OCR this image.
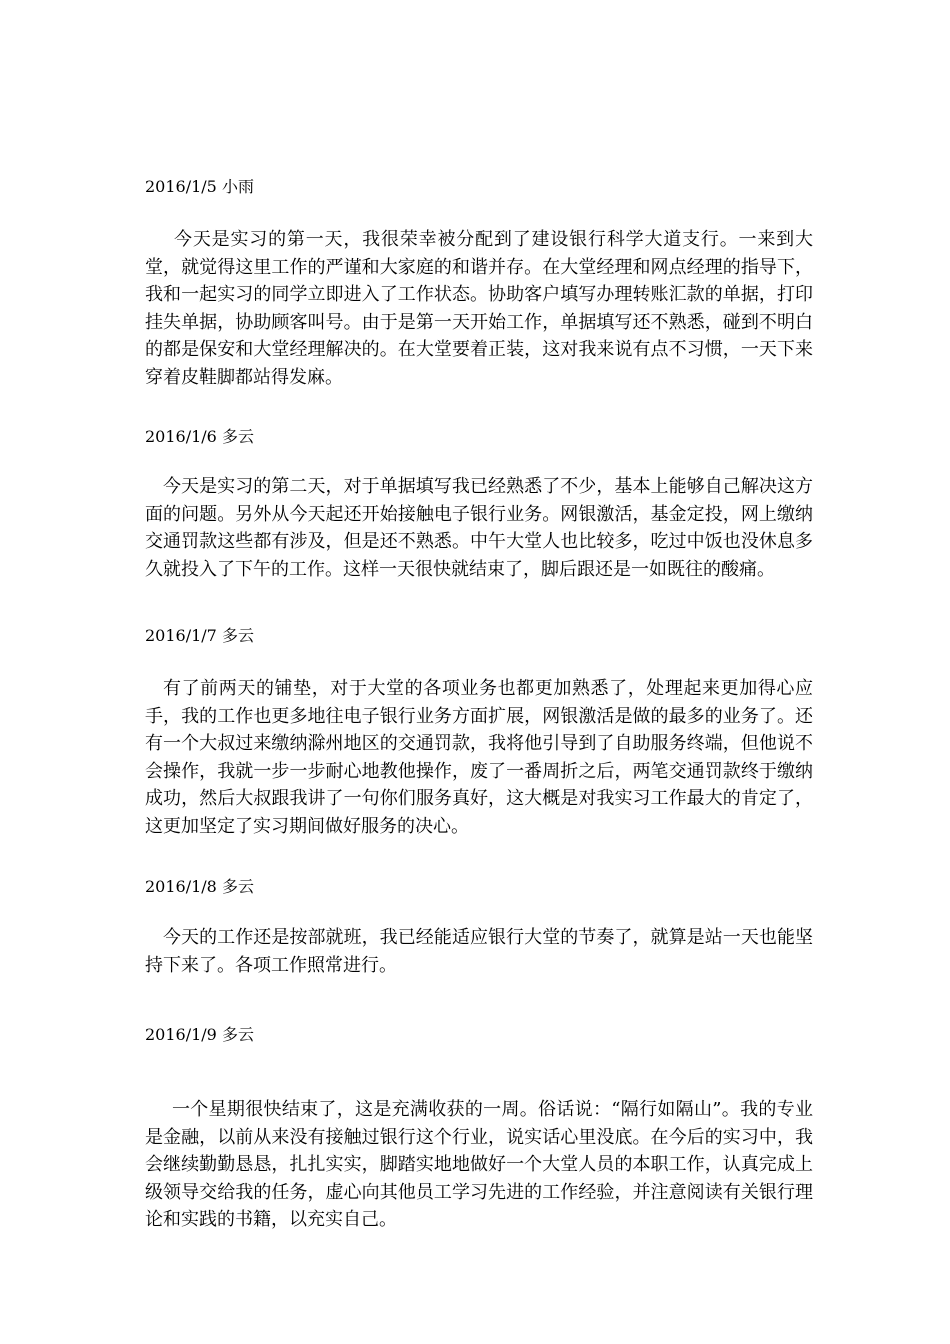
2016/1/5 小雨
今天是实习的第一天，我很荣幸被分配到了建设银行科学大道支行。一来到大堂，就觉得这里工作的严谨和大家庭的和谐并存。在大堂经理和网点经理的指导下，我和一起实习的同学立即进入了工作状态。协助客户填写办理转账汇款的单据，打印挂失单据，协助顾客叫号。由于是第一天开始工作，单据填写还不熟悉，碰到不明白的都是保安和大堂经理解决的。在大堂要着正装，这对我来说有点不习惯，一天下来穿着皮鞋脚都站得发麻。
2016/1/6 多云
今天是实习的第二天，对于单据填写我已经熟悉了不少，基本上能够自己解决这方面的问题。另外从今天起还开始接触电子银行业务。网银激活，基金定投，网上缴纳交通罚款这些都有涉及，但是还不熟悉。中午大堂人也比较多，吃过中饭也没休息多久就投入了下午的工作。这样一天很快就结束了，脚后跟还是一如既往的酸痛。
2016/1/7 多云
有了前两天的铺垫，对于大堂的各项业务也都更加熟悉了，处理起来更加得心应手，我的工作也更多地往电子银行业务方面扩展，网银激活是做的最多的业务了。还有一个大叔过来缴纳滁州地区的交通罚款，我将他引导到了自助服务终端，但他说不会操作，我就一步一步耐心地教他操作，废了一番周折之后，两笔交通罚款终于缴纳成功，然后大叔跟我讲了一句你们服务真好，这大概是对我实习工作最大的肯定了，这更加坚定了实习期间做好服务的决心。
2016/1/8 多云
今天的工作还是按部就班，我已经能适应银行大堂的节奏了，就算是站一天也能坚持下来了。各项工作照常进行。
2016/1/9 多云
一个星期很快结束了，这是充满收获的一周。俗话说：“隔行如隔山”。我的专业是金融，以前从来没有接触过银行这个行业，说实话心里没底。在今后的实习中，我会继续勤勤恳恳，扎扎实实，脚踏实地地做好一个大堂人员的本职工作，认真完成上级领导交给我的任务，虚心向其他员工学习先进的工作经验，并注意阅读有关银行理论和实践的书籍，以充实自己。
